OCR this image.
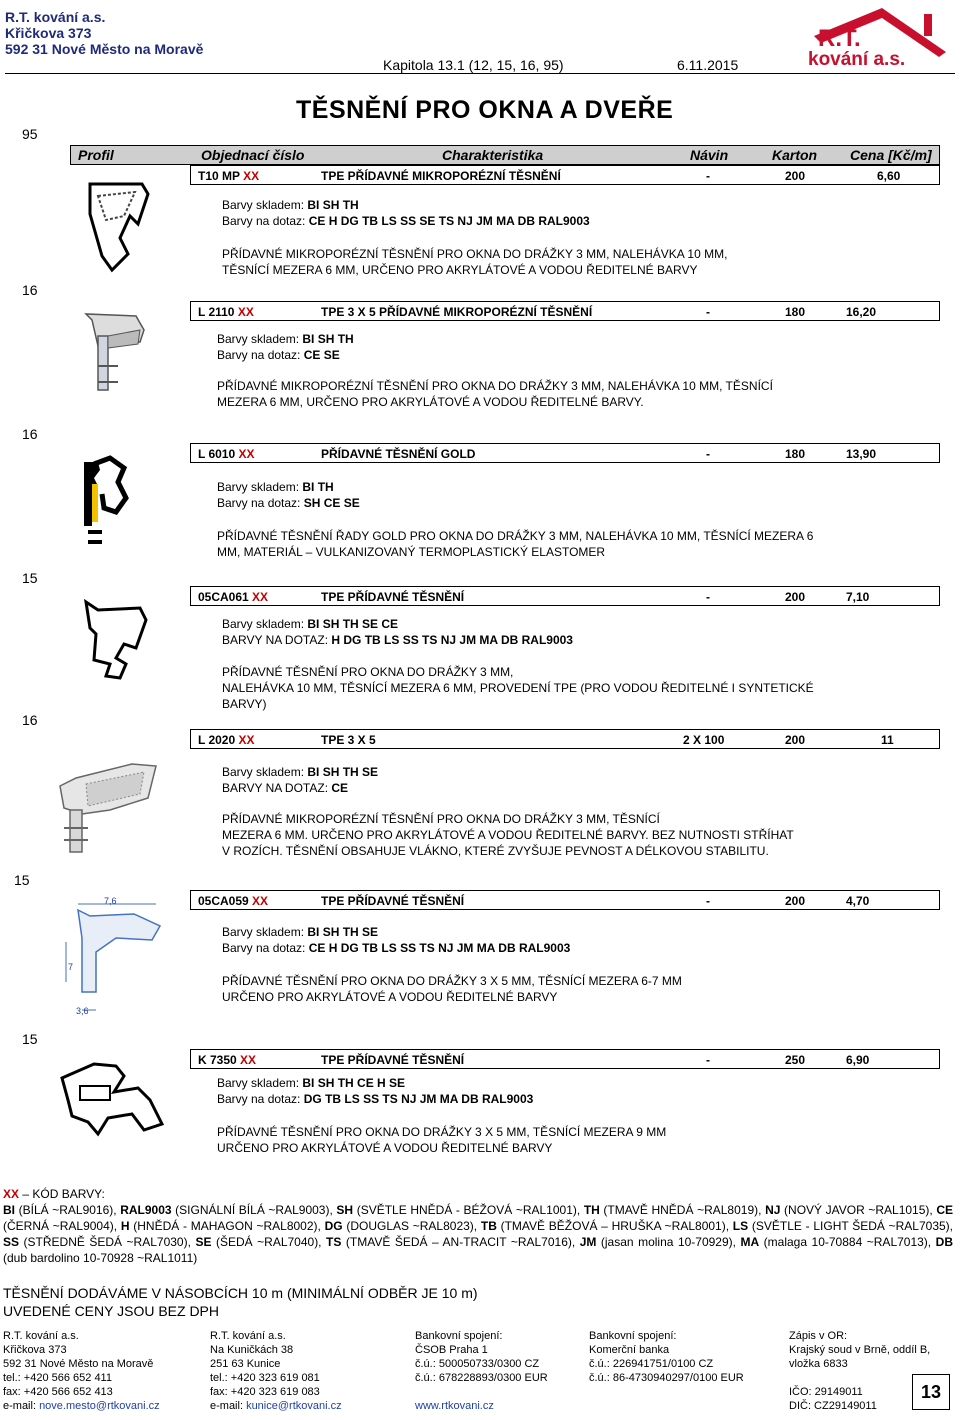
R.T. kování a.s.
Křičkova 373
592 31 Nové Město na Moravě
Kapitola 13.1 (12, 15, 16, 95)	6.11.2015
R.T.
kování a.s.
95
TĚSNĚNÍ PRO OKNA A DVEŘE
Profil	Objednací číslo	Charakteristika	Návin	Karton Cena [Kč/m]
T10 MP XX	TPE PŘÍDAVNÉ MIKROPORÉZNÍ TĚSNĚNÍ	-	200	6,60
Barvy skladem: BI SH TH
Barvy na dotaz: CE H DG TB LS SS SE TS NJ JM MA DB RAL9003
PŘÍDAVNÉ MIKROPORÉZNÍ TĚSNĚNÍ PRO OKNA DO DRÁŽKY 3 MM, NALEHÁVKA 10 MM,
TĚSNÍCÍ MEZERA 6 MM, URČENO PRO AKRYLÁTOVÉ A VODOU ŘEDITELNÉ BARVY
16
L 2110 XX	TPE 3 X 5 PŘÍDAVNÉ MIKROPORÉZNÍ TĚSNĚNÍ	-	180	16,20
Barvy skladem: BI SH TH
Barvy na dotaz: CE SE
PŘÍDAVNÉ MIKROPORÉZNÍ TĚSNĚNÍ PRO OKNA DO DRÁŽKY 3 MM, NALEHÁVKA 10 MM, TĚSNÍCÍ
MEZERA 6 MM, URČENO PRO AKRYLÁTOVÉ A VODOU ŘEDITELNÉ BARVY.
16
L 6010 XX	PŘÍDAVNÉ TĚSNĚNÍ GOLD	-	180	13,90
Barvy skladem: BI TH
Barvy na dotaz: SH CE SE
PŘÍDAVNÉ TĚSNĚNÍ ŘADY GOLD PRO OKNA DO DRÁŽKY 3 MM, NALEHÁVKA 10 MM, TĚSNÍCÍ MEZERA 6
MM, MATERIÁL – VULKANIZOVANÝ TERMOPLASTICKÝ ELASTOMER
15
05CA061 XX	TPE PŘÍDAVNÉ TĚSNĚNÍ	-	200	7,10
Barvy skladem: BI SH TH SE CE
BARVY NA DOTAZ: H DG TB LS SS TS NJ JM MA DB RAL9003
PŘÍDAVNÉ TĚSNĚNÍ PRO OKNA DO DRÁŽKY 3 MM,
NALEHÁVKA 10 MM, TĚSNÍCÍ MEZERA 6 MM, PROVEDENÍ TPE (PRO VODOU ŘEDITELNÉ I SYNTETICKÉ
BARVY)
16
L 2020 XX	TPE 3 X 5	2 X 100	200	11
Barvy skladem: BI SH TH SE
BARVY NA DOTAZ: CE
PŘÍDAVNÉ MIKROPORÉZNÍ TĚSNĚNÍ PRO OKNA DO DRÁŽKY 3 MM, TĚSNÍCÍ
MEZERA 6 MM. URČENO PRO AKRYLÁTOVÉ A VODOU ŘEDITELNÉ BARVY. BEZ NUTNOSTI STŘÍHAT
V ROZÍCH. TĚSNĚNÍ OBSAHUJE VLÁKNO, KTERÉ ZVYŠUJE PEVNOST A DÉLKOVOU STABILITU.
15
05CA059 XX	TPE PŘÍDAVNÉ TĚSNĚNÍ	-	200	4,70
Barvy skladem: BI SH TH SE
Barvy na dotaz: CE H DG TB LS SS TS NJ JM MA DB RAL9003
PŘÍDAVNÉ TĚSNĚNÍ PRO OKNA DO DRÁŽKY 3 X 5 MM, TĚSNÍCÍ MEZERA 6-7 MM
URČENO PRO AKRYLÁTOVÉ A VODOU ŘEDITELNÉ BARVY
15
7,6
7
3,6
K 7350 XX	TPE PŘÍDAVNÉ TĚSNĚNÍ	-	250	6,90
Barvy skladem: BI SH TH CE H SE
Barvy na dotaz: DG TB LS SS TS NJ JM MA DB RAL9003
PŘÍDAVNÉ TĚSNĚNÍ PRO OKNA DO DRÁŽKY 3 X 5 MM, TĚSNÍCÍ MEZERA 9 MM
URČENO PRO AKRYLÁTOVÉ A VODOU ŘEDITELNÉ BARVY
XX – KÓD BARVY:
BI (BÍLÁ ~RAL9016), RAL9003 (SIGNÁLNÍ BÍLÁ ~RAL9003), SH (SVĚTLE HNĚDÁ - BÉŽOVÁ ~RAL1001), TH (TMAVĚ HNĚDÁ ~RAL8019), NJ (NOVÝ JAVOR ~RAL1015), CE (ČERNÁ ~RAL9004), H (HNĚDÁ - MAHAGON ~RAL8002), DG (DOUGLAS ~RAL8023), TB (TMAVĚ BĚŽOVÁ – HRUŠKA ~RAL8001), LS (SVĚTLE - LIGHT ŠEDÁ ~RAL7035), SS (STŘEDNĚ ŠEDÁ ~RAL7030), SE (ŠEDÁ ~RAL7040), TS (TMAVĚ ŠEDÁ – AN-TRACIT ~RAL7016), JM (jasan molina 10-70929), MA (malaga 10-70884 ~RAL7013), DB (dub bardolino 10-70928 ~RAL1011)
TĚSNĚNÍ DODÁVÁME V NÁSOBCÍCH 10 m (MINIMÁLNÍ ODBĚR JE 10 m)
UVEDENÉ CENY JSOU BEZ DPH
R.T. kování a.s.
Křičkova 373
592 31 Nové Město na Moravě
tel.: +420 566 652 411
fax: +420 566 652 413
e-mail: nove.mesto@rtkovani.cz
R.T. kování a.s.
Na Kuničkách 38
251 63 Kunice
tel.: +420 323 619 081
fax: +420 323 619 083
e-mail: kunice@rtkovani.cz
Bankovní spojení:
ČSOB Praha 1
č.ú.: 500050733/0300 CZ
č.ú.: 678228893/0300 EUR
www.rtkovani.cz
Bankovní spojení:
Komerční banka
č.ú.: 226941751/0100 CZ
č.ú.: 86-4730940297/0100 EUR
Zápis v OR:
Krajský soud v Brně, oddíl B,
vložka 6833
IČO: 29149011
DIČ: CZ29149011
13
